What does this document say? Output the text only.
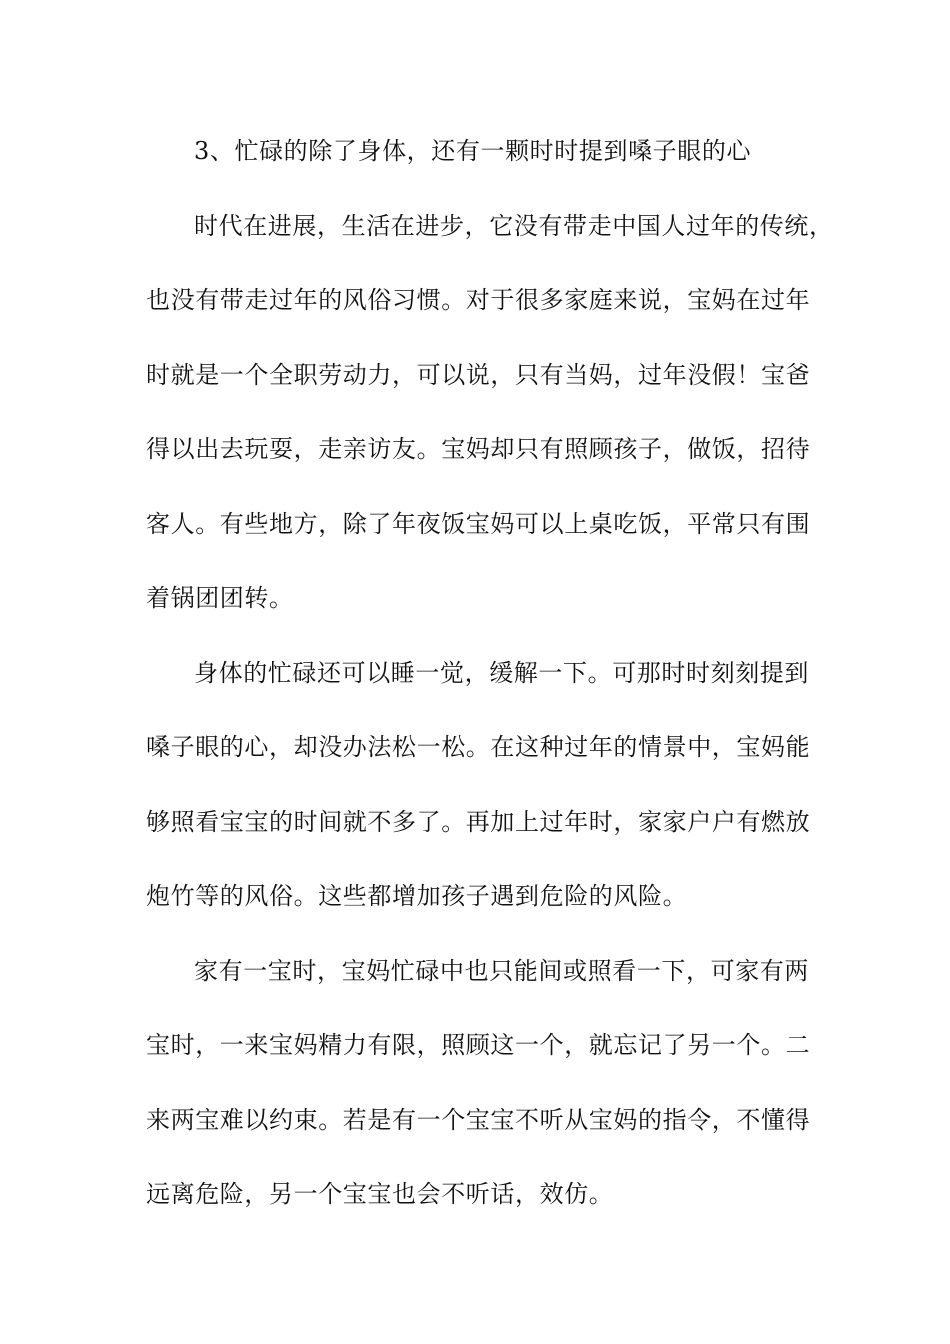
3、忙碌的除了身体，还有一颗时时提到嗓子眼的心
时代在进展，生活在进步，它没有带走中国人过年的传统，
也没有带走过年的风俗习惯。对于很多家庭来说，宝妈在过年
时就是一个全职劳动力，可以说，只有当妈，过年没假！宝爸
得以出去玩耍，走亲访友。宝妈却只有照顾孩子，做饭，招待
客人。有些地方，除了年夜饭宝妈可以上桌吃饭，平常只有围
着锅团团转。
身体的忙碌还可以睡一觉，缓解一下。可那时时刻刻提到
嗓子眼的心，却没办法松一松。在这种过年的情景中，宝妈能
够照看宝宝的时间就不多了。再加上过年时，家家户户有燃放
炮竹等的风俗。这些都增加孩子遇到危险的风险。
家有一宝时，宝妈忙碌中也只能间或照看一下，可家有两
宝时，一来宝妈精力有限，照顾这一个，就忘记了另一个。二
来两宝难以约束。若是有一个宝宝不听从宝妈的指令，不懂得
远离危险，另一个宝宝也会不听话，效仿。
